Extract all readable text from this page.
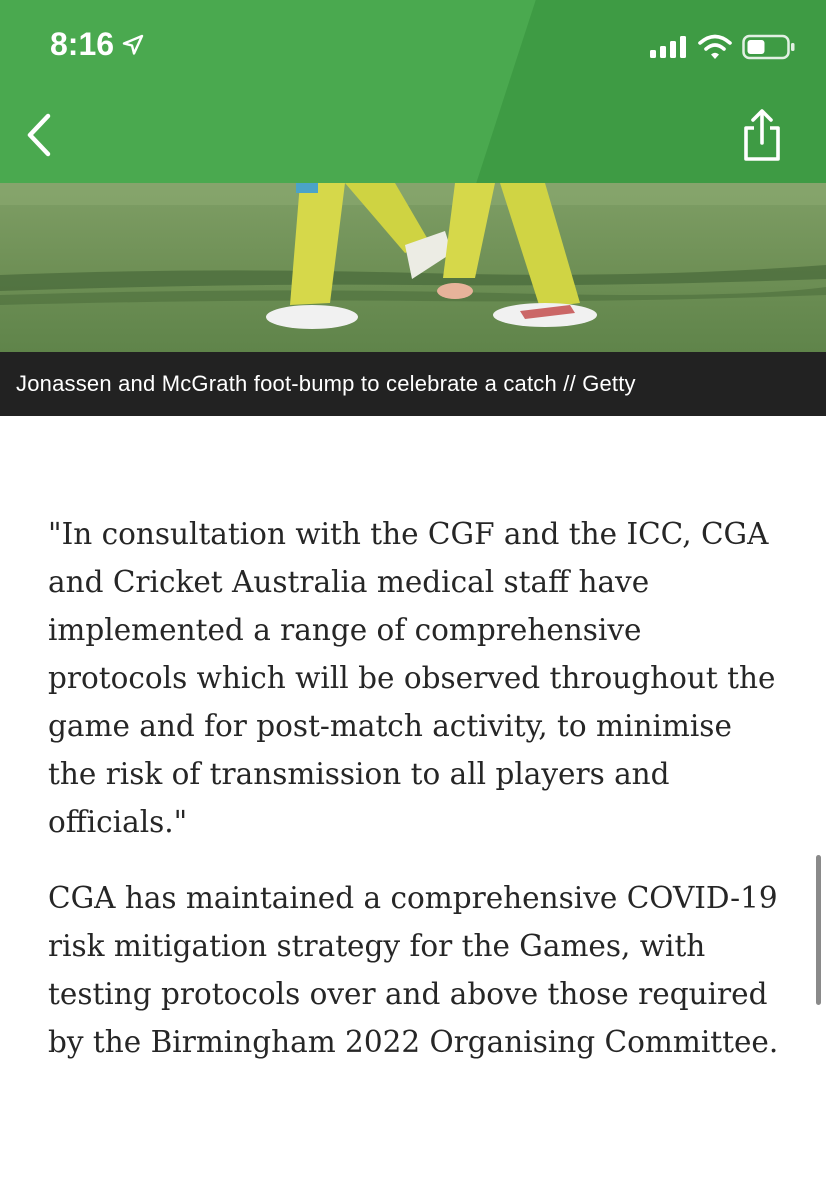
8:16
Jonassen and McGrath foot-bump to celebrate a catch // Getty

"In consultation with the CGF and the ICC, CGA and Cricket Australia medical staff have implemented a range of comprehensive protocols which will be observed throughout the game and for post-match activity, to minimise the risk of transmission to all players and officials."

CGA has maintained a comprehensive COVID-19 risk mitigation strategy for the Games, with testing protocols over and above those required by the Birmingham 2022 Organising Committee.
